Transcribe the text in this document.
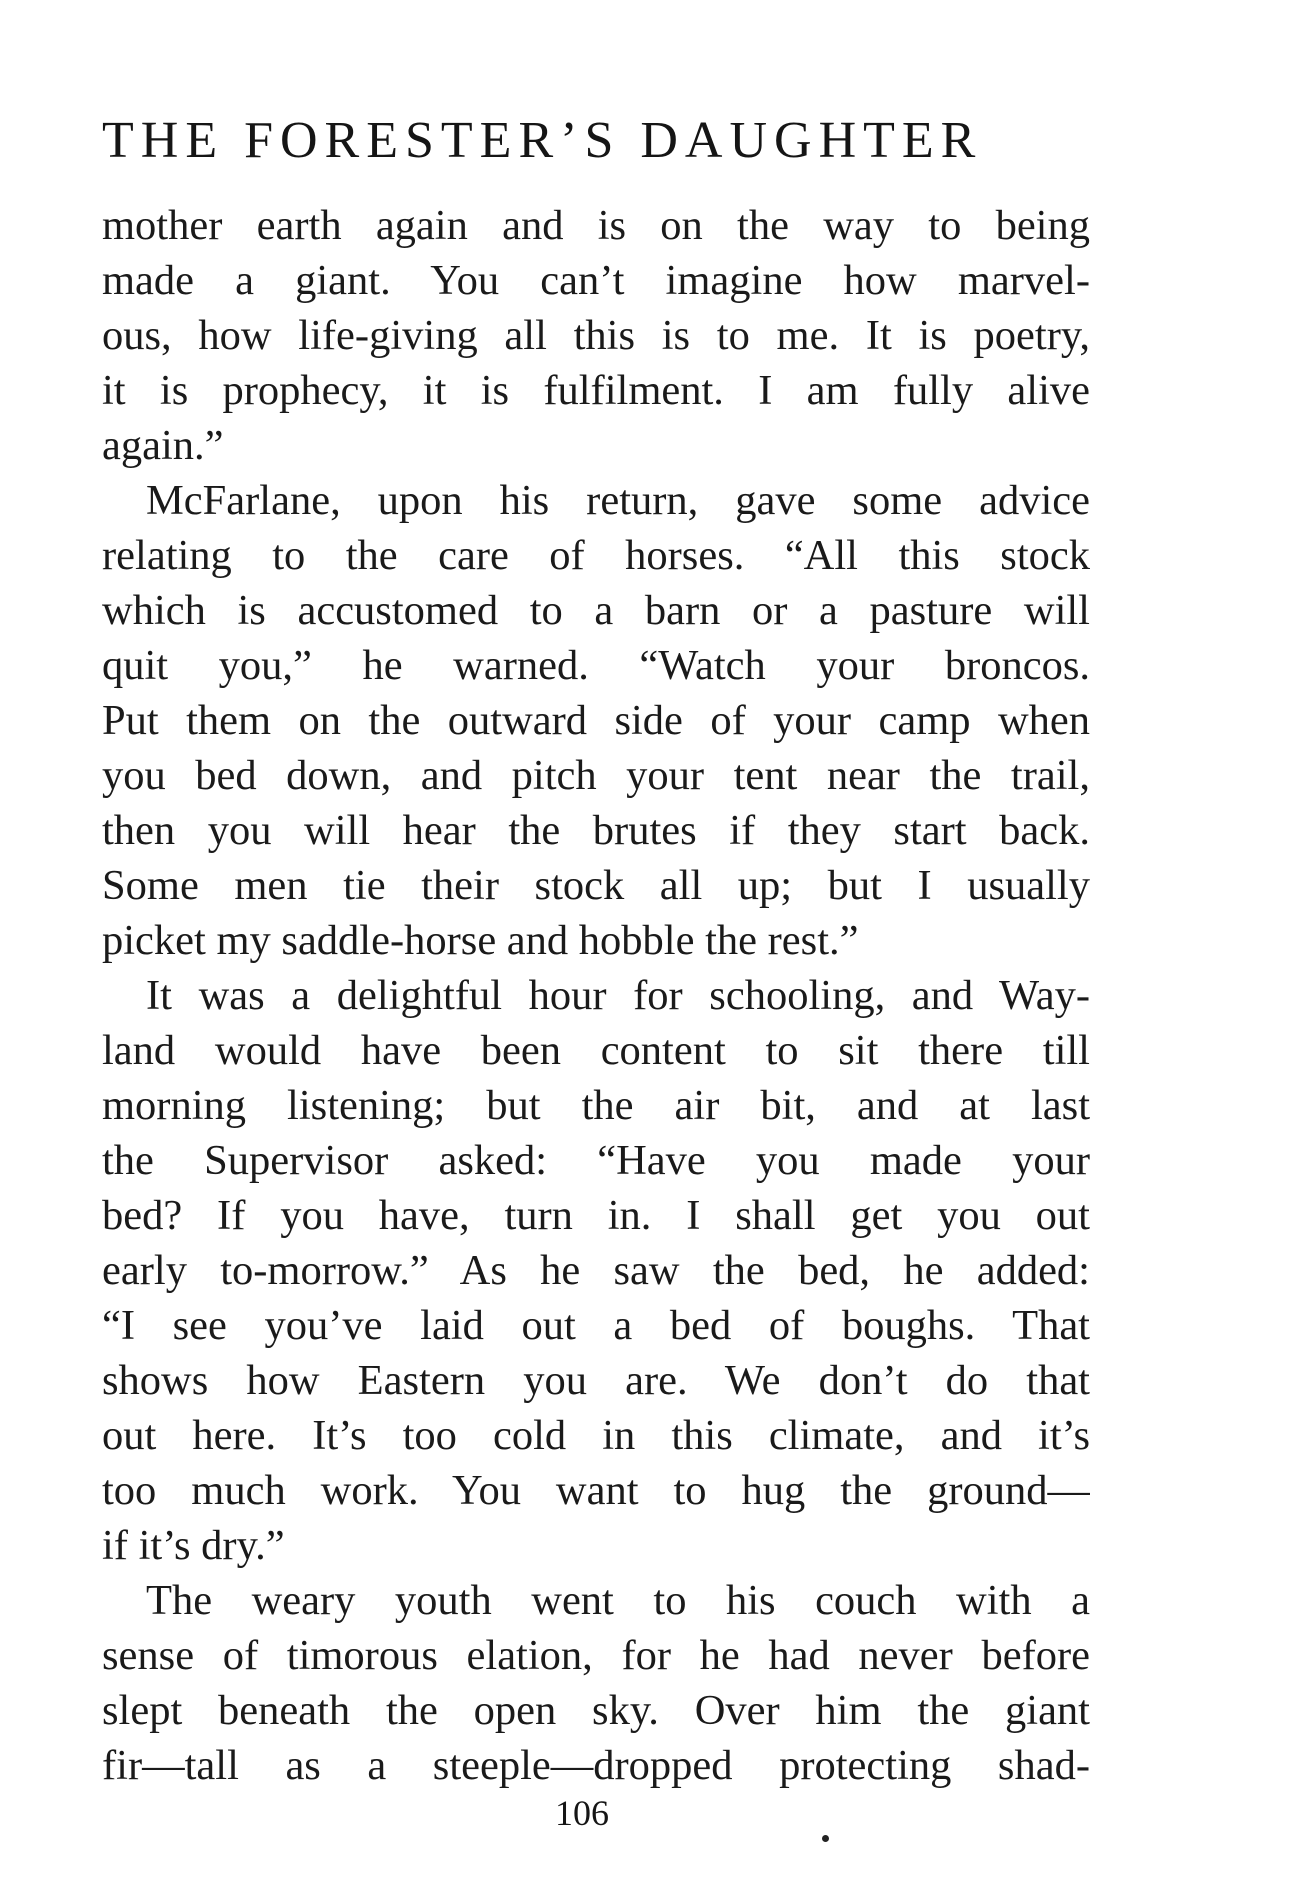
THE FORESTER’S DAUGHTER
mother earth again and is on the way to being
made a giant. You can’t imagine how marvel-
ous, how life-giving all this is to me. It is poetry,
it is prophecy, it is fulfilment. I am fully alive
again.”
McFarlane, upon his return, gave some advice
relating to the care of horses. “All this stock
which is accustomed to a barn or a pasture will
quit you,” he warned. “Watch your broncos.
Put them on the outward side of your camp when
you bed down, and pitch your tent near the trail,
then you will hear the brutes if they start back.
Some men tie their stock all up; but I usually
picket my saddle-horse and hobble the rest.”
It was a delightful hour for schooling, and Way-
land would have been content to sit there till
morning listening; but the air bit, and at last
the Supervisor asked: “Have you made your
bed? If you have, turn in. I shall get you out
early to-morrow.” As he saw the bed, he added:
“I see you’ve laid out a bed of boughs. That
shows how Eastern you are. We don’t do that
out here. It’s too cold in this climate, and it’s
too much work. You want to hug the ground—
if it’s dry.”
The weary youth went to his couch with a
sense of timorous elation, for he had never before
slept beneath the open sky. Over him the giant
fir—tall as a steeple—dropped protecting shad-
106
